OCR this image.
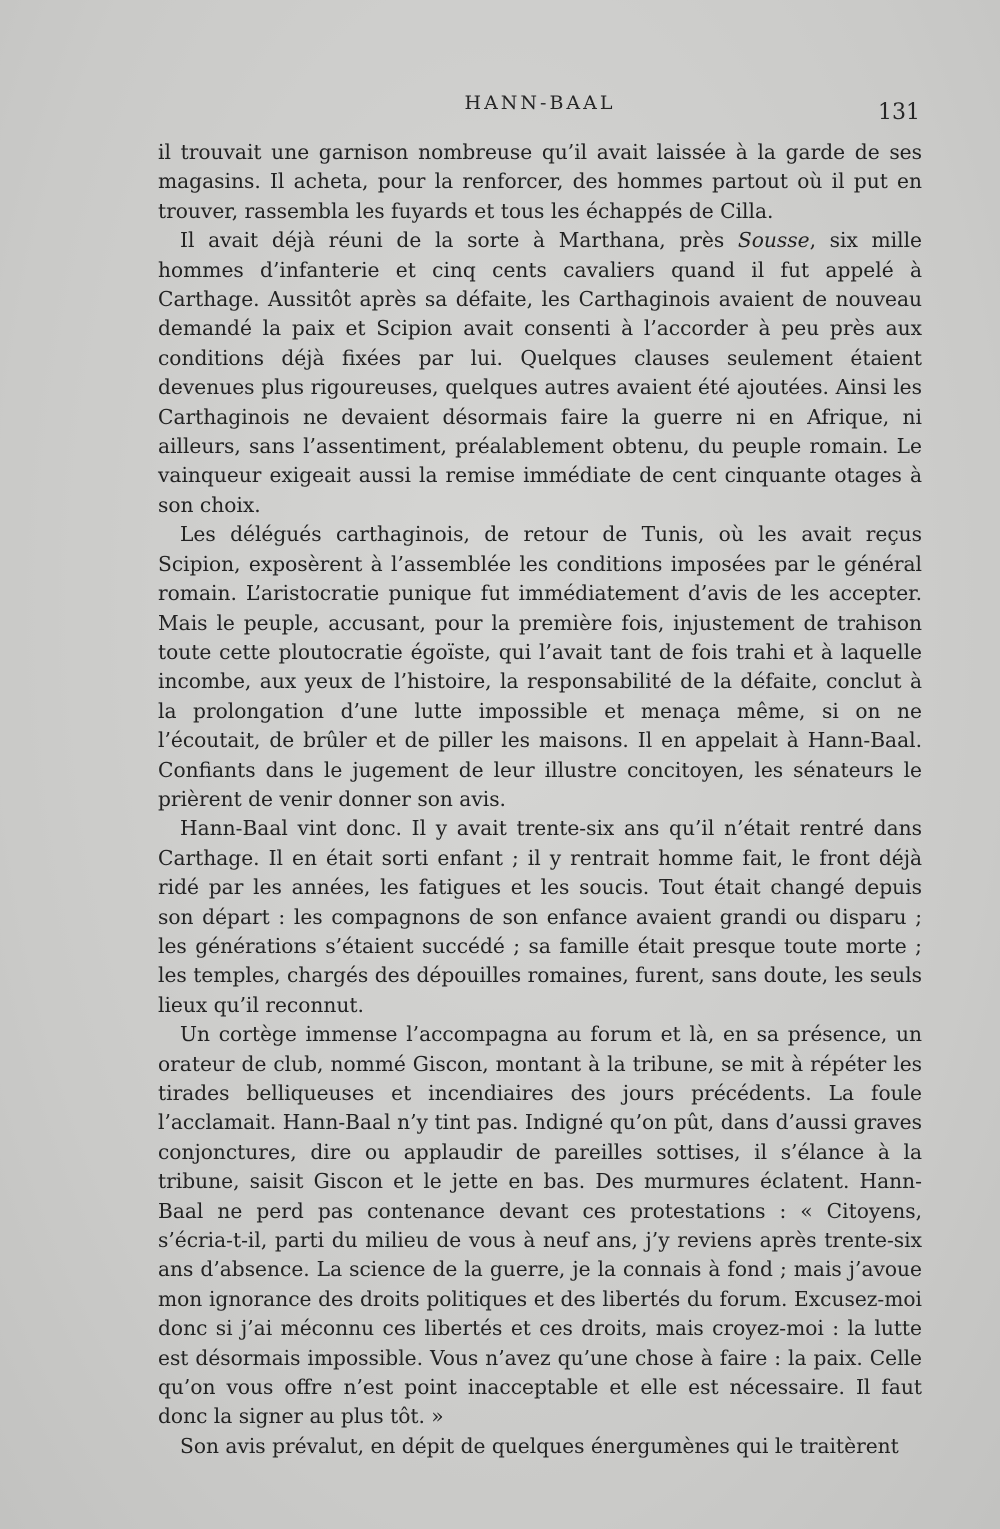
HANN-BAAL	131

il trouvait une garnison nombreuse qu’il avait laissée à la garde de ses magasins. Il acheta, pour la renforcer, des hommes partout où il put en trouver, rassembla les fuyards et tous les échappés de Cilla.

Il avait déjà réuni de la sorte à Marthana, près Sousse, six mille hommes d’infanterie et cinq cents cavaliers quand il fut appelé à Carthage. Aussitôt après sa défaite, les Carthaginois avaient de nouveau demandé la paix et Scipion avait consenti à l’accorder à peu près aux conditions déjà fixées par lui. Quelques clauses seulement étaient devenues plus rigoureuses, quelques autres avaient été ajoutées. Ainsi les Carthaginois ne devaient désormais faire la guerre ni en Afrique, ni ailleurs, sans l’assentiment, préalablement obtenu, du peuple romain. Le vainqueur exigeait aussi la remise immédiate de cent cinquante otages à son choix.

Les délégués carthaginois, de retour de Tunis, où les avait reçus Scipion, exposèrent à l’assemblée les conditions imposées par le général romain. L’aristocratie punique fut immédiatement d’avis de les accepter. Mais le peuple, accusant, pour la première fois, injustement de trahison toute cette ploutocratie égoïste, qui l’avait tant de fois trahi et à laquelle incombe, aux yeux de l’histoire, la responsabilité de la défaite, conclut à la prolongation d’une lutte impossible et menaça même, si on ne l’écoutait, de brûler et de piller les maisons. Il en appelait à Hann-Baal. Confiants dans le jugement de leur illustre concitoyen, les sénateurs le prièrent de venir donner son avis.

Hann-Baal vint donc. Il y avait trente-six ans qu’il n’était rentré dans Carthage. Il en était sorti enfant ; il y rentrait homme fait, le front déjà ridé par les années, les fatigues et les soucis. Tout était changé depuis son départ : les compagnons de son enfance avaient grandi ou disparu ; les générations s’étaient succédé ; sa famille était presque toute morte ; les temples, chargés des dépouilles romaines, furent, sans doute, les seuls lieux qu’il reconnut.

Un cortège immense l’accompagna au forum et là, en sa présence, un orateur de club, nommé Giscon, montant à la tribune, se mit à répéter les tirades belliqueuses et incendiaires des jours précédents. La foule l’acclamait. Hann-Baal n’y tint pas. Indigné qu’on pût, dans d’aussi graves conjonctures, dire ou applaudir de pareilles sottises, il s’élance à la tribune, saisit Giscon et le jette en bas. Des murmures éclatent. Hann-Baal ne perd pas contenance devant ces protestations : « Citoyens, s’écria-t-il, parti du milieu de vous à neuf ans, j’y reviens après trente-six ans d’absence. La science de la guerre, je la connais à fond ; mais j’avoue mon ignorance des droits politiques et des libertés du forum. Excusez-moi donc si j’ai méconnu ces libertés et ces droits, mais croyez-moi : la lutte est désormais impossible. Vous n’avez qu’une chose à faire : la paix. Celle qu’on vous offre n’est point inacceptable et elle est nécessaire. Il faut donc la signer au plus tôt. »

Son avis prévalut, en dépit de quelques énergumènes qui le traitèrent
